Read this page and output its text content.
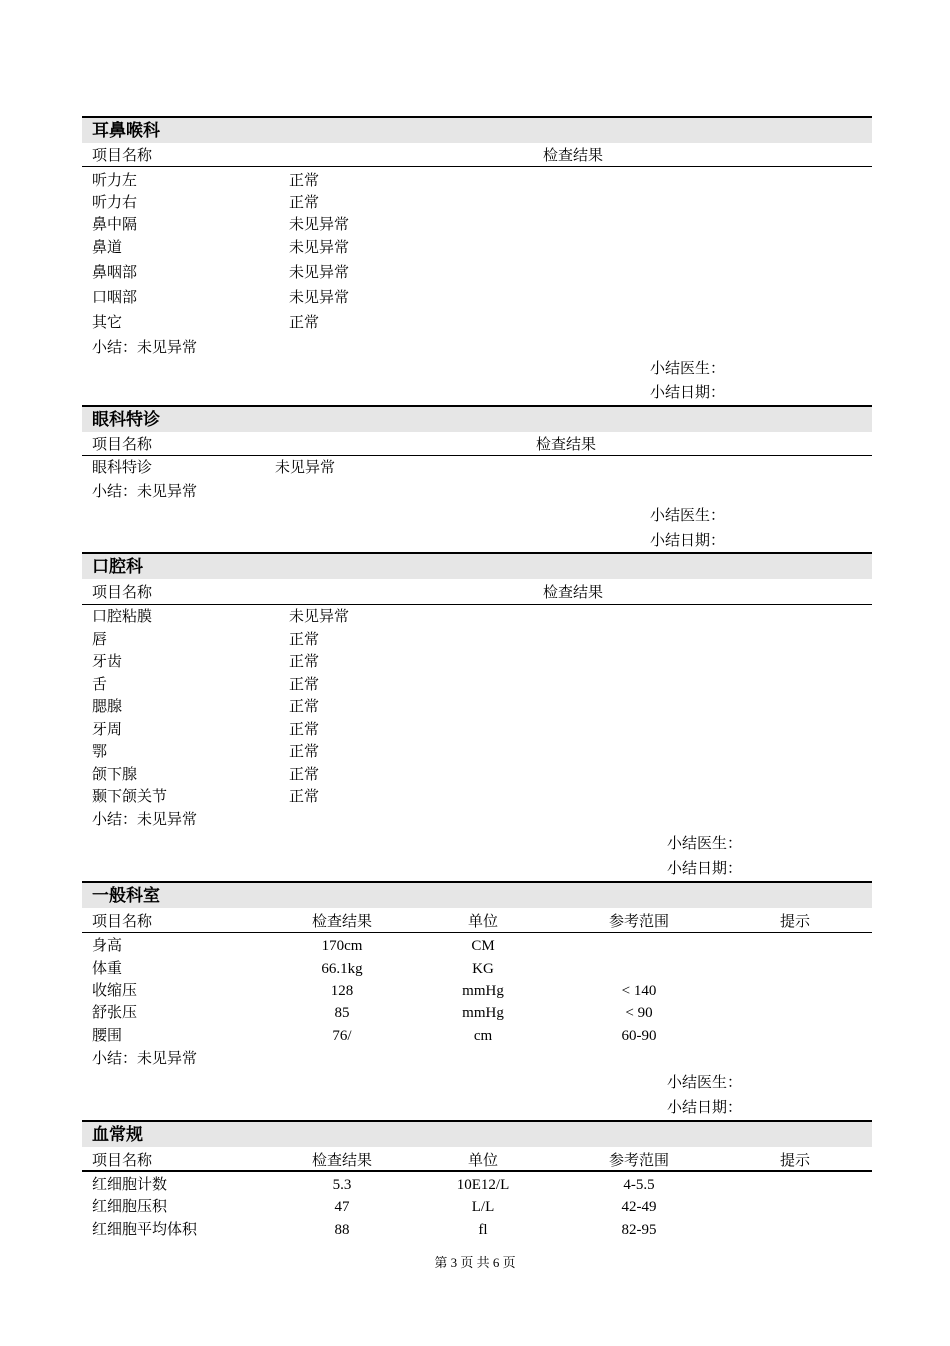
耳鼻喉科
项目名称	检查结果
听力左	正常
听力右	正常
鼻中隔	未见异常
鼻道	未见异常
鼻咽部	未见异常
口咽部	未见异常
其它	正常
小结：未见异常
小结医生：
小结日期：
眼科特诊
项目名称	检查结果
眼科特诊	未见异常
小结：未见异常
小结医生：
小结日期：
口腔科
项目名称	检查结果
口腔粘膜	未见异常
唇	正常
牙齿	正常
舌	正常
腮腺	正常
牙周	正常
鄂	正常
颌下腺	正常
颞下颌关节	正常
小结：未见异常
小结医生：
小结日期：
一般科室
项目名称	检查结果	单位	参考范围	提示
身高	170cm	CM
体重	66.1kg	KG
收缩压	128	mmHg	< 140
舒张压	85	mmHg	< 90
腰围	76/	cm	60-90
小结：未见异常
小结医生：
小结日期：
血常规
项目名称	检查结果	单位	参考范围	提示
红细胞计数	5.3	10E12/L	4-5.5
红细胞压积	47	L/L	42-49
红细胞平均体积	88	fl	82-95
第 3 页 共 6 页
